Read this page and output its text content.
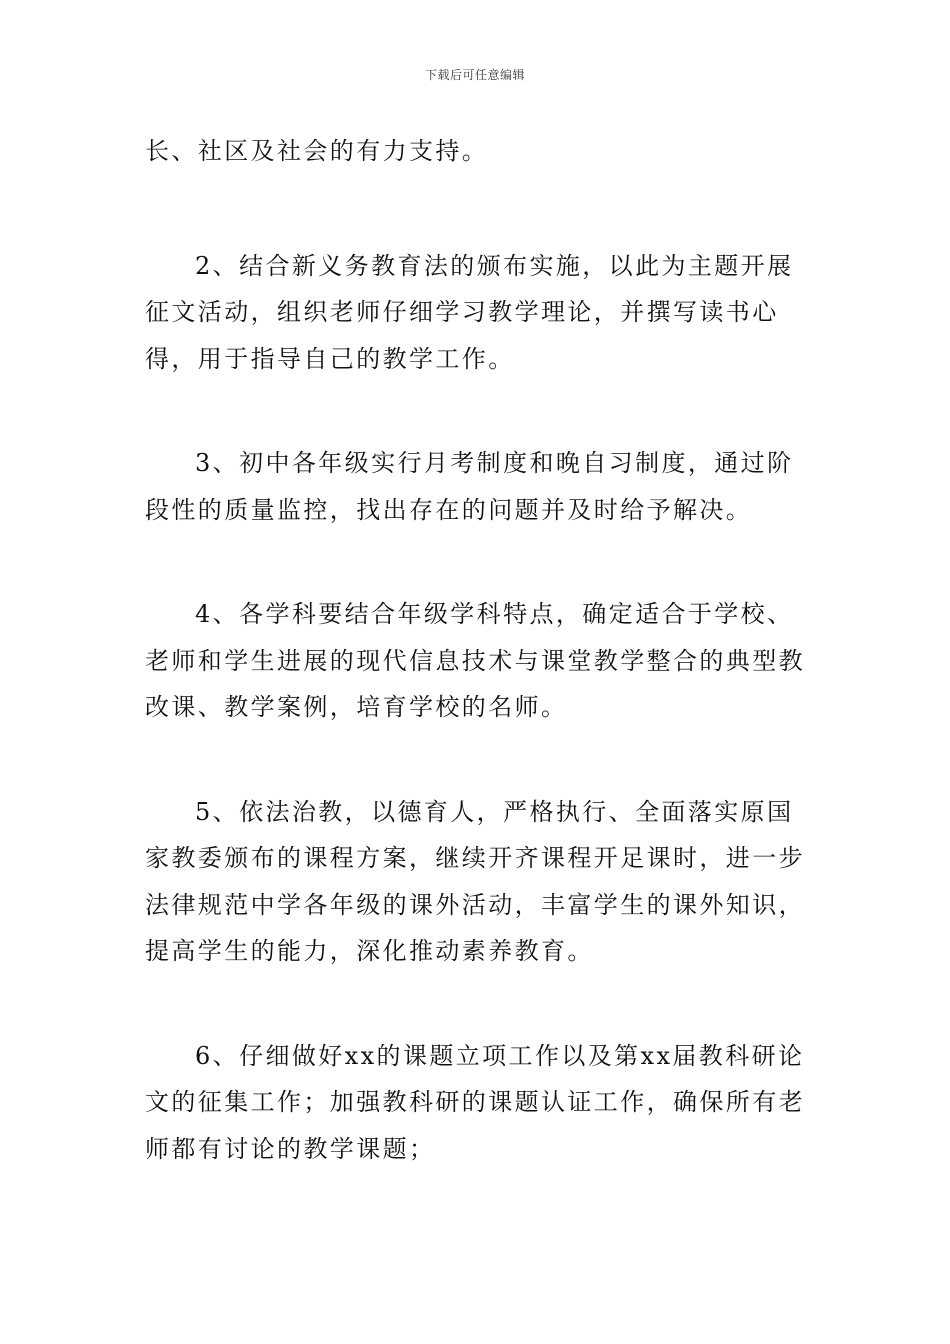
下载后可任意编辑

长、社区及社会的有力支持。

2、结合新义务教育法的颁布实施，以此为主题开展征文活动，组织老师仔细学习教学理论，并撰写读书心得，用于指导自己的教学工作。

3、初中各年级实行月考制度和晚自习制度，通过阶段性的质量监控，找出存在的问题并及时给予解决。

4、各学科要结合年级学科特点，确定适合于学校、老师和学生进展的现代信息技术与课堂教学整合的典型教改课、教学案例，培育学校的名师。

5、依法治教，以德育人，严格执行、全面落实原国家教委颁布的课程方案，继续开齐课程开足课时，进一步法律规范中学各年级的课外活动，丰富学生的课外知识，提高学生的能力，深化推动素养教育。

6、仔细做好xx的课题立项工作以及第xx届教科研论文的征集工作；加强教科研的课题认证工作，确保所有老师都有讨论的教学课题；
